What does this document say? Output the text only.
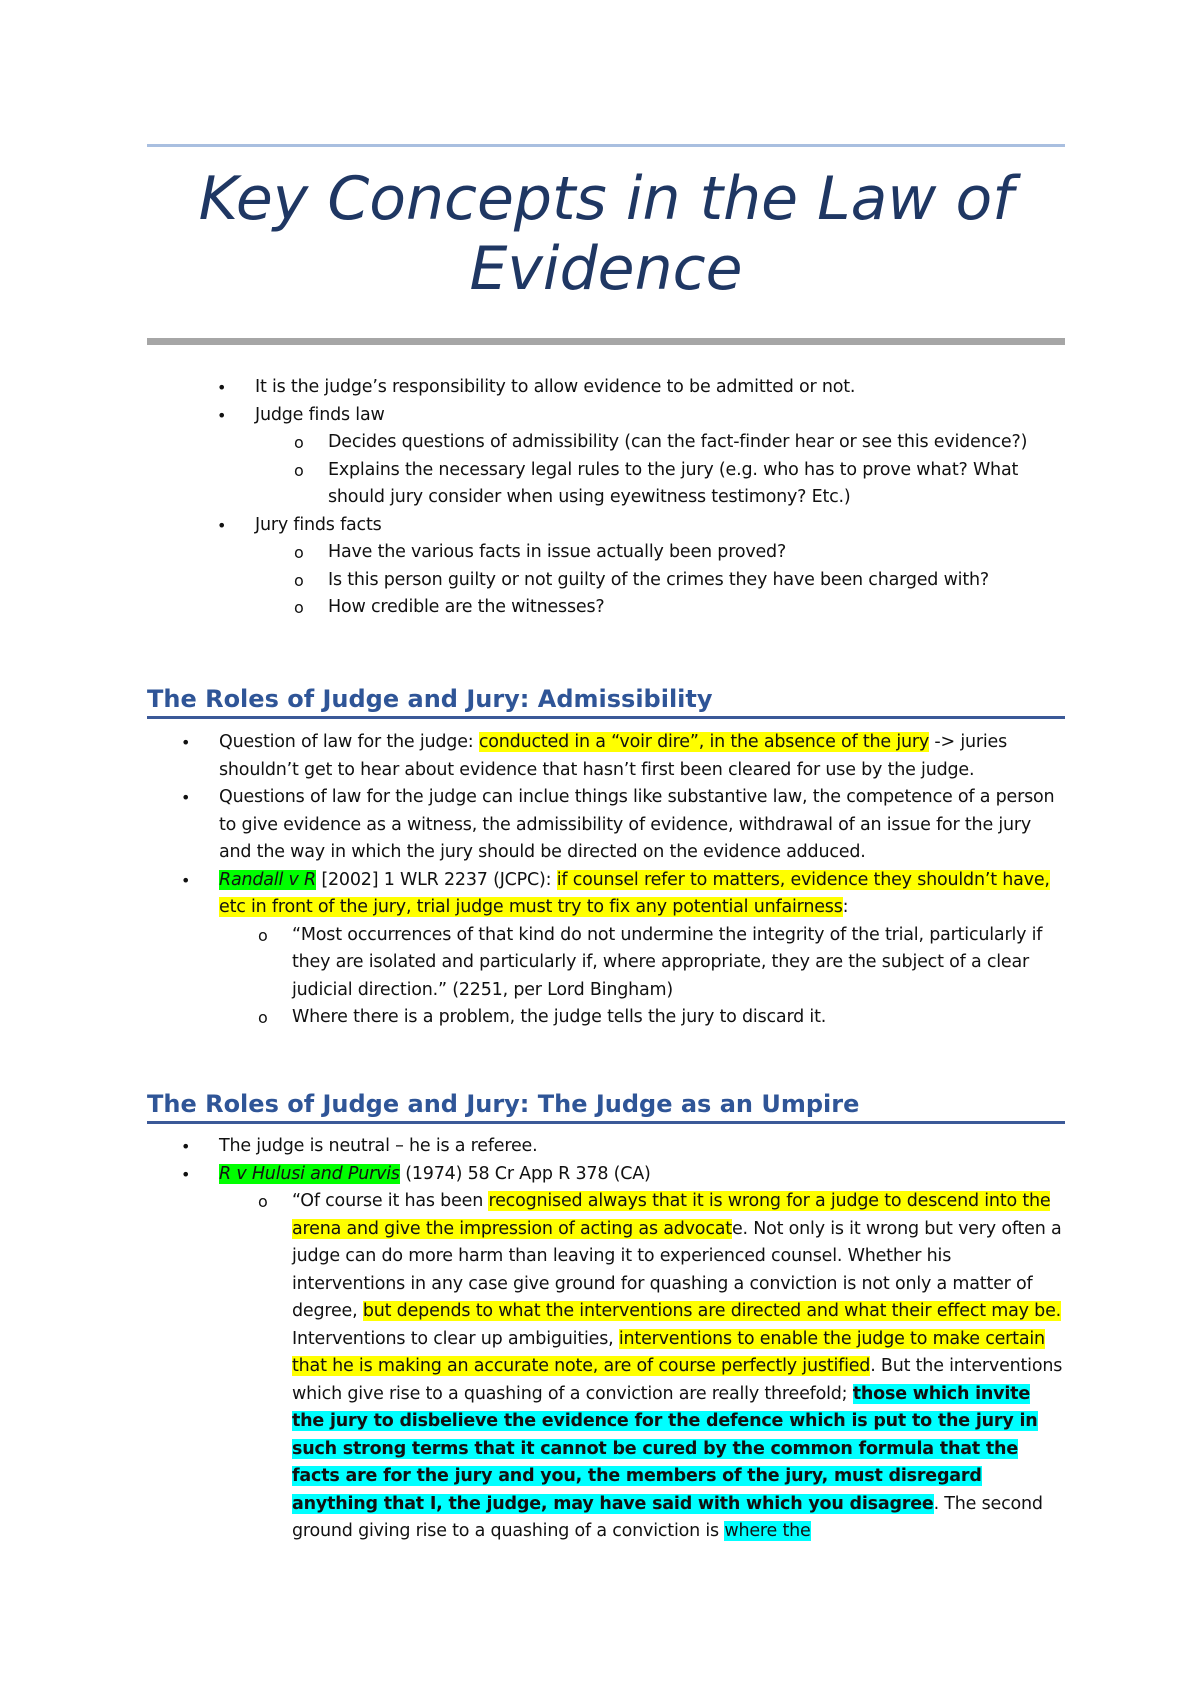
Key Concepts in the Law of Evidence
• It is the judge’s responsibility to allow evidence to be admitted or not.
• Judge finds law
o Decides questions of admissibility (can the fact-finder hear or see this evidence?)
o Explains the necessary legal rules to the jury (e.g. who has to prove what? What should jury consider when using eyewitness testimony? Etc.)
• Jury finds facts
o Have the various facts in issue actually been proved?
o Is this person guilty or not guilty of the crimes they have been charged with?
o How credible are the witnesses?
The Roles of Judge and Jury: Admissibility
• Question of law for the judge: conducted in a “voir dire”, in the absence of the jury -> juries shouldn’t get to hear about evidence that hasn’t first been cleared for use by the judge.
• Questions of law for the judge can inclue things like substantive law, the competence of a person to give evidence as a witness, the admissibility of evidence, withdrawal of an issue for the jury and the way in which the jury should be directed on the evidence adduced.
• Randall v R [2002] 1 WLR 2237 (JCPC): if counsel refer to matters, evidence they shouldn’t have, etc in front of the jury, trial judge must try to fix any potential unfairness:
o “Most occurrences of that kind do not undermine the integrity of the trial, particularly if they are isolated and particularly if, where appropriate, they are the subject of a clear judicial direction.” (2251, per Lord Bingham)
o Where there is a problem, the judge tells the jury to discard it.
The Roles of Judge and Jury: The Judge as an Umpire
• The judge is neutral – he is a referee.
• R v Hulusi and Purvis (1974) 58 Cr App R 378 (CA)
o “Of course it has been recognised always that it is wrong for a judge to descend into the arena and give the impression of acting as advocate. Not only is it wrong but very often a judge can do more harm than leaving it to experienced counsel. Whether his interventions in any case give ground for quashing a conviction is not only a matter of degree, but depends to what the interventions are directed and what their effect may be. Interventions to clear up ambiguities, interventions to enable the judge to make certain that he is making an accurate note, are of course perfectly justified. But the interventions which give rise to a quashing of a conviction are really threefold; those which invite the jury to disbelieve the evidence for the defence which is put to the jury in such strong terms that it cannot be cured by the common formula that the facts are for the jury and you, the members of the jury, must disregard anything that I, the judge, may have said with which you disagree. The second ground giving rise to a quashing of a conviction is where the
